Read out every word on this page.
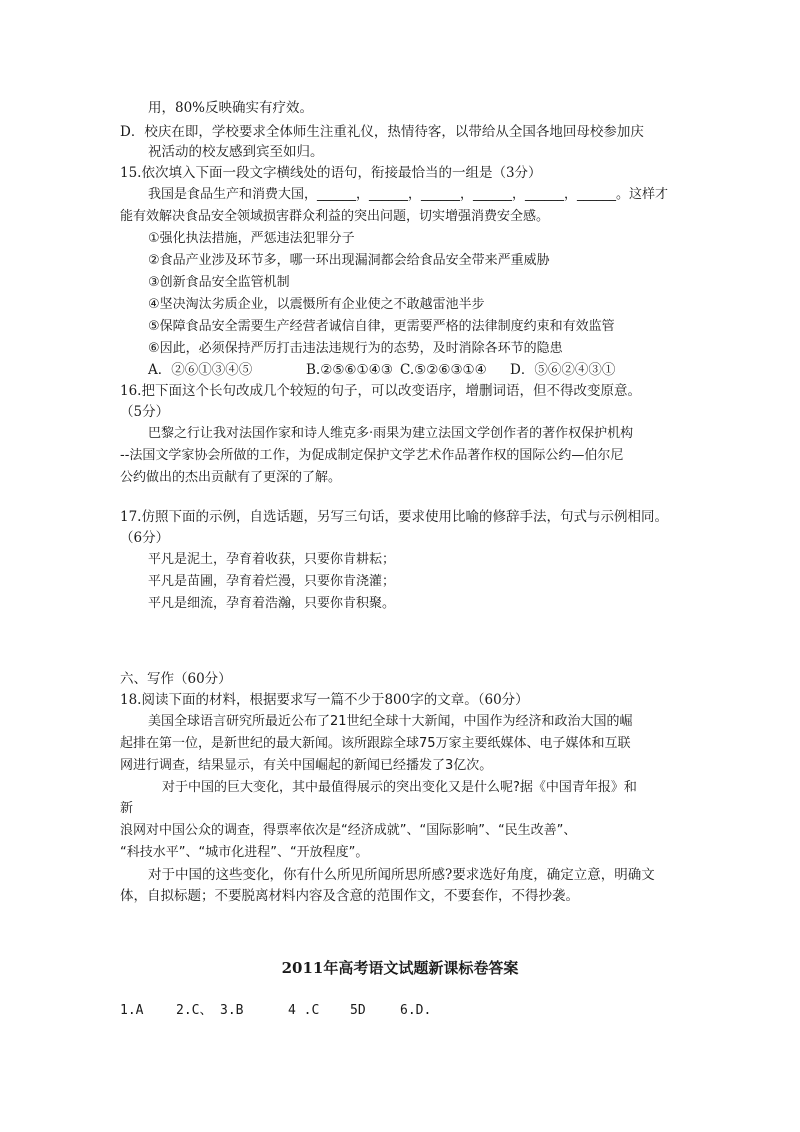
用，80%反映确实有疗效。
D．校庆在即，学校要求全体师生注重礼仪，热情待客，以带给从全国各地回母校参加庆
祝活动的校友感到宾至如归。
15.依次填入下面一段文字横线处的语句，衔接最恰当的一组是（3分）
我国是食品生产和消费大国，______，______，______，______，______，______。这样才
能有效解决食品安全领域损害群众利益的突出问题，切实增强消费安全感。
①强化执法措施，严惩违法犯罪分子
②食品产业涉及环节多，哪一环出现漏洞都会给食品安全带来严重威胁
③创新食品安全监管机制
④坚决淘汰劣质企业，以震慑所有企业使之不敢越雷池半步
⑤保障食品安全需要生产经营者诚信自律，更需要严格的法律制度约束和有效监管
⑥因此，必须保持严厉打击违法违规行为的态势，及时消除各环节的隐患
A．②⑥①③④⑤	B.②⑤⑥①④③ C.⑤②⑥③①④ D．⑤⑥②④③①
16.把下面这个长句改成几个较短的句子，可以改变语序，增删词语，但不得改变原意。
（5分）
巴黎之行让我对法国作家和诗人维克多·雨果为建立法国文学创作者的著作权保护机构
--法国文学家协会所做的工作，为促成制定保护文学艺术作品著作权的国际公约—伯尔尼
公约做出的杰出贡献有了更深的了解。
17.仿照下面的示例，自选话题，另写三句话，要求使用比喻的修辞手法，句式与示例相同。
（6分）
平凡是泥土，孕育着收获，只要你肯耕耘；
平凡是苗圃，孕育着烂漫，只要你肯浇灌；
平凡是细流，孕育着浩瀚，只要你肯积聚。
六、写作（60分）
18.阅读下面的材料，根据要求写一篇不少于800字的文章。（60分）
美国全球语言研究所最近公布了21世纪全球十大新闻，中国作为经济和政治大国的崛
起排在第一位，是新世纪的最大新闻。该所跟踪全球75万家主要纸媒体、电子媒体和互联
网进行调查，结果显示，有关中国崛起的新闻已经播发了3亿次。
对于中国的巨大变化，其中最值得展示的突出变化又是什么呢?据《中国青年报》和
新
浪网对中国公众的调查，得票率依次是“经济成就”、“国际影响”、“民生改善”、
“科技水平”、“城市化进程”、“开放程度”。
对于中国的这些变化，你有什么所见所闻所思所感?要求选好角度，确定立意，明确文
体，自拟标题；不要脱离材料内容及含意的范围作文，不要套作，不得抄袭。
2011年高考语文试题新课标卷答案
1.A	2.C、 3.B	4 .C 5D	6.D.
